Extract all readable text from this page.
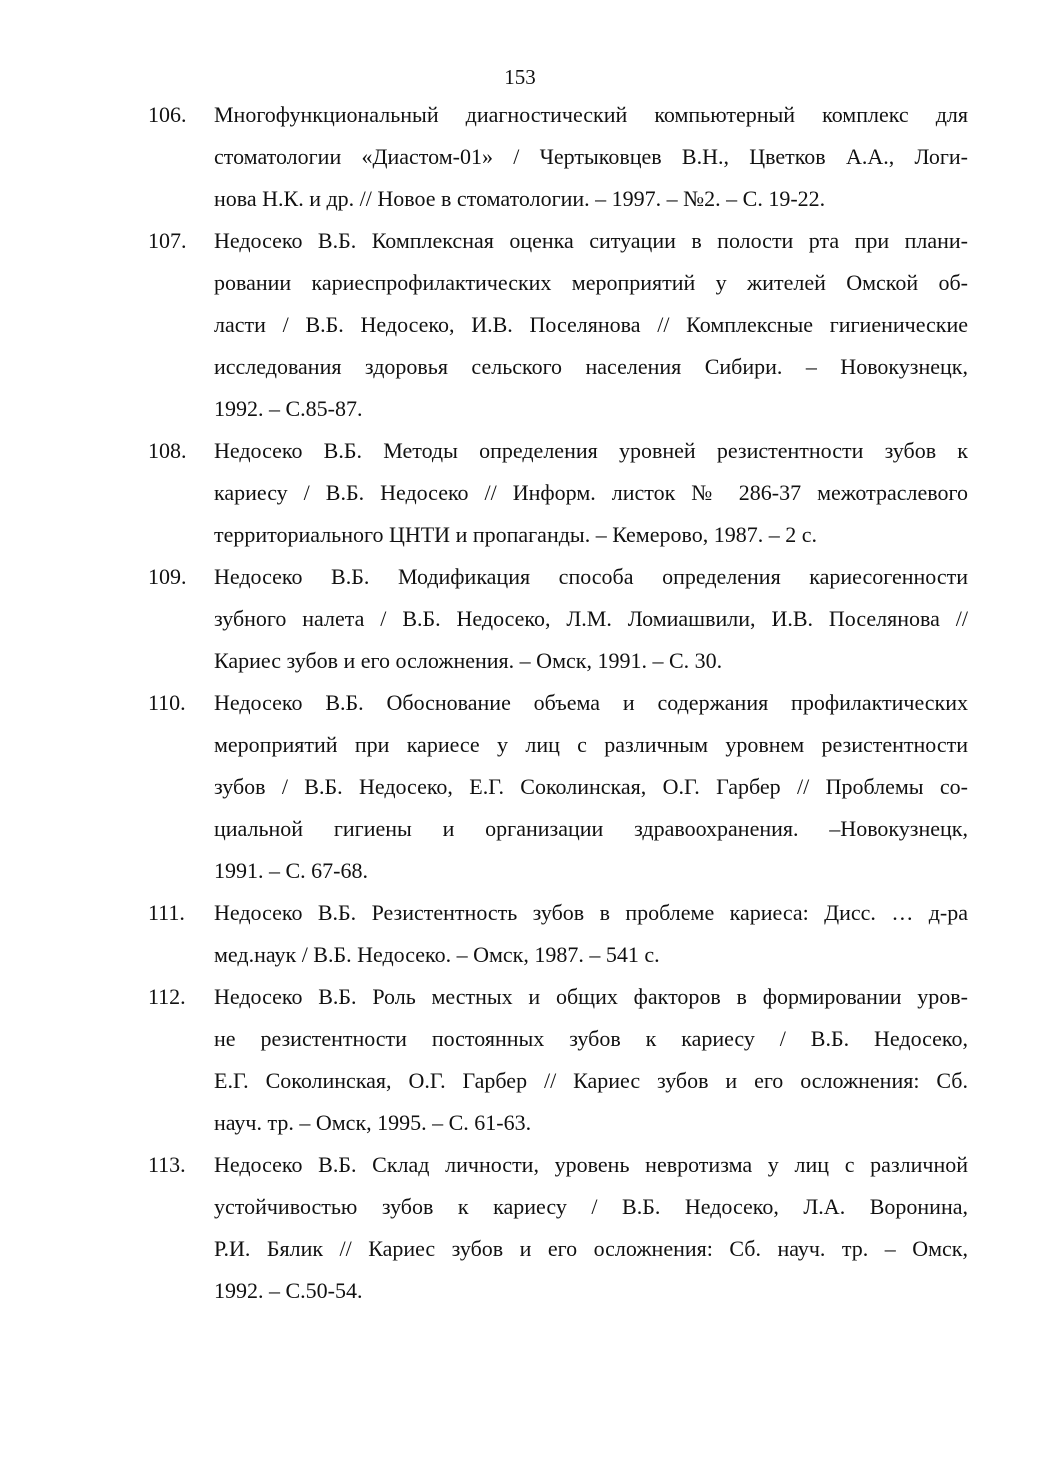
153
106. Многофункциональный диагностический компьютерный комплекс для
стоматологии «Диастом-01» / Чертыковцев В.Н., Цветков А.А., Логи-
нова Н.К. и др. // Новое в стоматологии. – 1997. – №2. – С. 19-22.
107. Недосеко В.Б. Комплексная оценка ситуации в полости рта при плани-
ровании кариеспрофилактических мероприятий у жителей Омской об-
ласти / В.Б. Недосеко, И.В. Поселянова // Комплексные гигиенические
исследования здоровья сельского населения Сибири. – Новокузнецк,
1992. – С.85-87.
108. Недосеко В.Б. Методы определения уровней резистентности зубов к
кариесу / В.Б. Недосеко // Информ. листок № 286-37 межотраслевого
территориального ЦНТИ и пропаганды. – Кемерово, 1987. – 2 с.
109. Недосеко В.Б. Модификация способа определения кариесогенности
зубного налета / В.Б. Недосеко, Л.М. Ломиашвили, И.В. Поселянова //
Кариес зубов и его осложнения. – Омск, 1991. – С. 30.
110. Недосеко В.Б. Обоснование объема и содержания профилактических
мероприятий при кариесе у лиц с различным уровнем резистентности
зубов / В.Б. Недосеко, Е.Г. Соколинская, О.Г. Гарбер // Проблемы со-
циальной гигиены и организации здравоохранения. –Новокузнецк,
1991. – С. 67-68.
111. Недосеко В.Б. Резистентность зубов в проблеме кариеса: Дисс. … д-ра
мед.наук / В.Б. Недосеко. – Омск, 1987. – 541 с.
112. Недосеко В.Б. Роль местных и общих факторов в формировании уров-
не резистентности постоянных зубов к кариесу / В.Б. Недосеко,
Е.Г. Соколинская, О.Г. Гарбер // Кариес зубов и его осложнения: Сб.
науч. тр. – Омск, 1995. – С. 61-63.
113. Недосеко В.Б. Склад личности, уровень невротизма у лиц с различной
устойчивостью зубов к кариесу / В.Б. Недосеко, Л.А. Воронина,
Р.И. Бялик // Кариес зубов и его осложнения: Сб. науч. тр. – Омск,
1992. – С.50-54.
